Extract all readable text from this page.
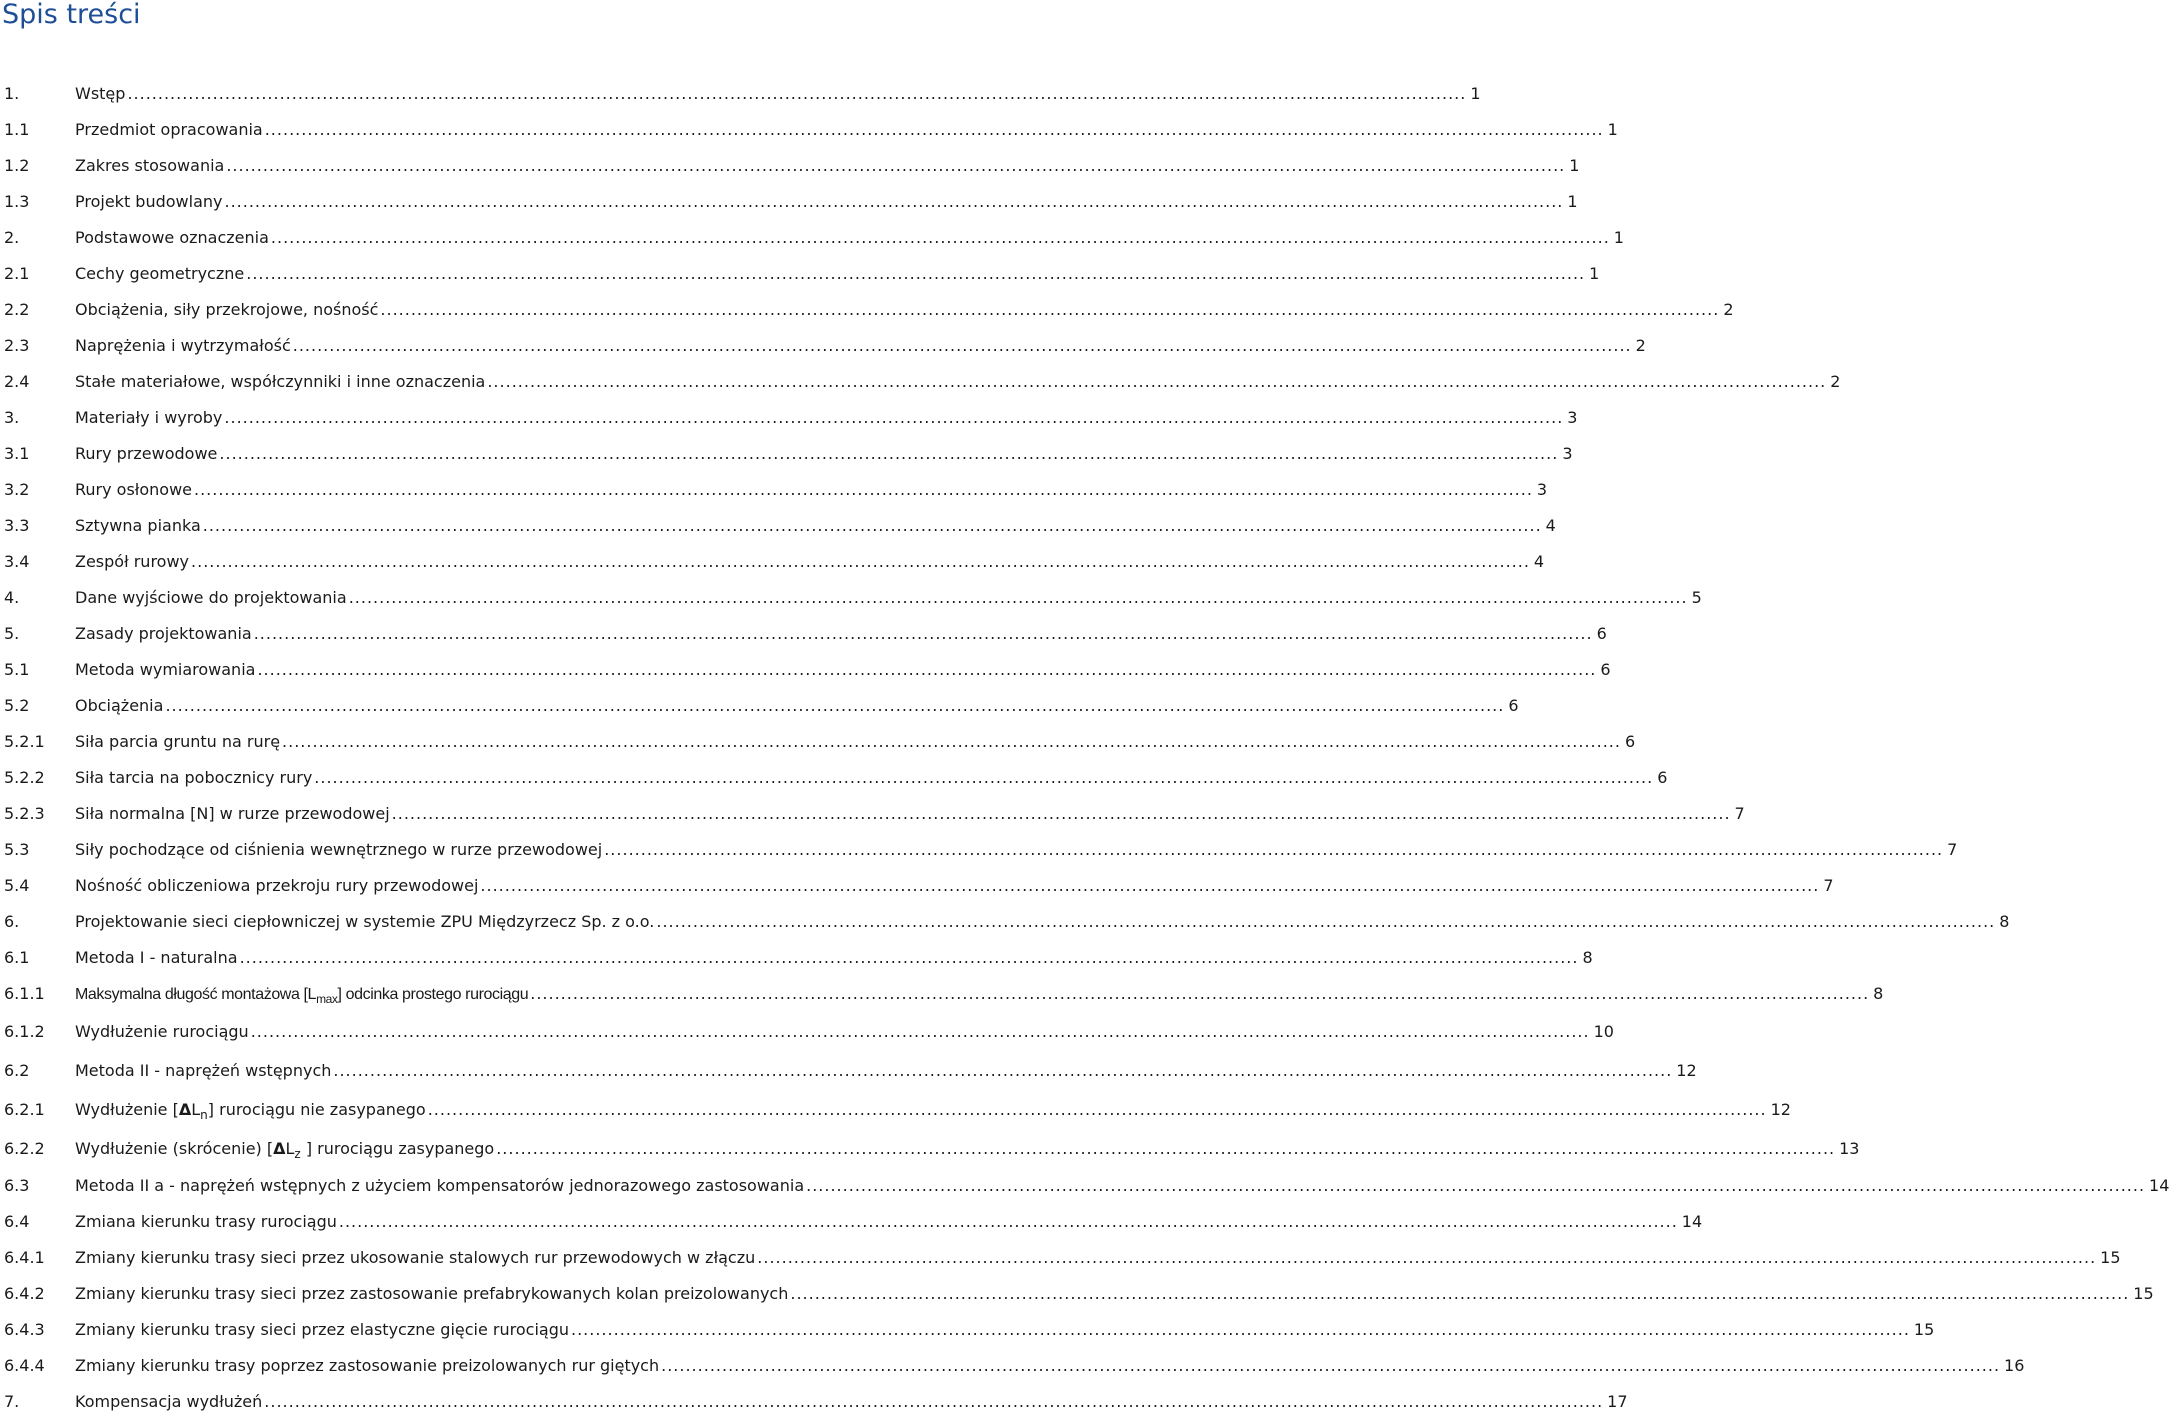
Spis treści
1.	Wstęp .....	1
1.1	Przedmiot opracowania .....	1
1.2	Zakres stosowania .....	1
1.3	Projekt budowlany .....	1
2.	Podstawowe oznaczenia .....	1
2.1	Cechy geometryczne .....	1
2.2	Obciążenia, siły przekrojowe, nośność .....	2
2.3	Naprężenia i wytrzymałość .....	2
2.4	Stałe materiałowe, współczynniki i inne oznaczenia .....	2
3.	Materiały i wyroby .....	3
3.1	Rury przewodowe .....	3
3.2	Rury osłonowe .....	3
3.3	Sztywna pianka .....	4
3.4	Zespół rurowy .....	4
4.	Dane wyjściowe do projektowania .....	5
5.	Zasady projektowania .....	6
5.1	Metoda wymiarowania .....	6
5.2	Obciążenia .....	6
5.2.1	Siła parcia gruntu na rurę .....	6
5.2.2	Siła tarcia na pobocznicy rury .....	6
5.2.3	Siła normalna [N] w rurze przewodowej .....	7
5.3	Siły pochodzące od ciśnienia wewnętrznego w rurze przewodowej .....	7
5.4	Nośność obliczeniowa przekroju rury przewodowej .....	7
6.	Projektowanie sieci ciepłowniczej w systemie ZPU Międzyrzecz Sp. z o.o. .....	8
6.1	Metoda I - naturalna .....	8
6.1.1	Maksymalna długość montażowa $[L_{max}]$ odcinka prostego rurociągu .....	8
6.1.2	Wydłużenie rurociągu .....	10
6.2	Metoda II - naprężeń wstępnych .....	12
6.2.1	Wydłużenie $[\Delta L_n]$ rurociągu nie zasypanego .....	12
6.2.2	Wydłużenie (skrócenie) [$\Delta L_z$ ] rurociągu zasypanego .....	13
6.3	Metoda II a - naprężeń wstępnych z użyciem kompensatorów jednorazowego zastosowania .....	14
6.4	Zmiana kierunku trasy rurociągu .....	14
6.4.1	Zmiany kierunku trasy sieci przez ukosowanie stalowych rur przewodowych w złączu .....	15
6.4.2	Zmiany kierunku trasy sieci przez zastosowanie prefabrykowanych kolan preizolowanych .....	15
6.4.3	Zmiany kierunku trasy sieci przez elastyczne gięcie rurociągu .....	15
6.4.4	Zmiany kierunku trasy poprzez zastosowanie preizolowanych rur giętych .....	16
7.	Kompensacja wydłużeń .....	17
